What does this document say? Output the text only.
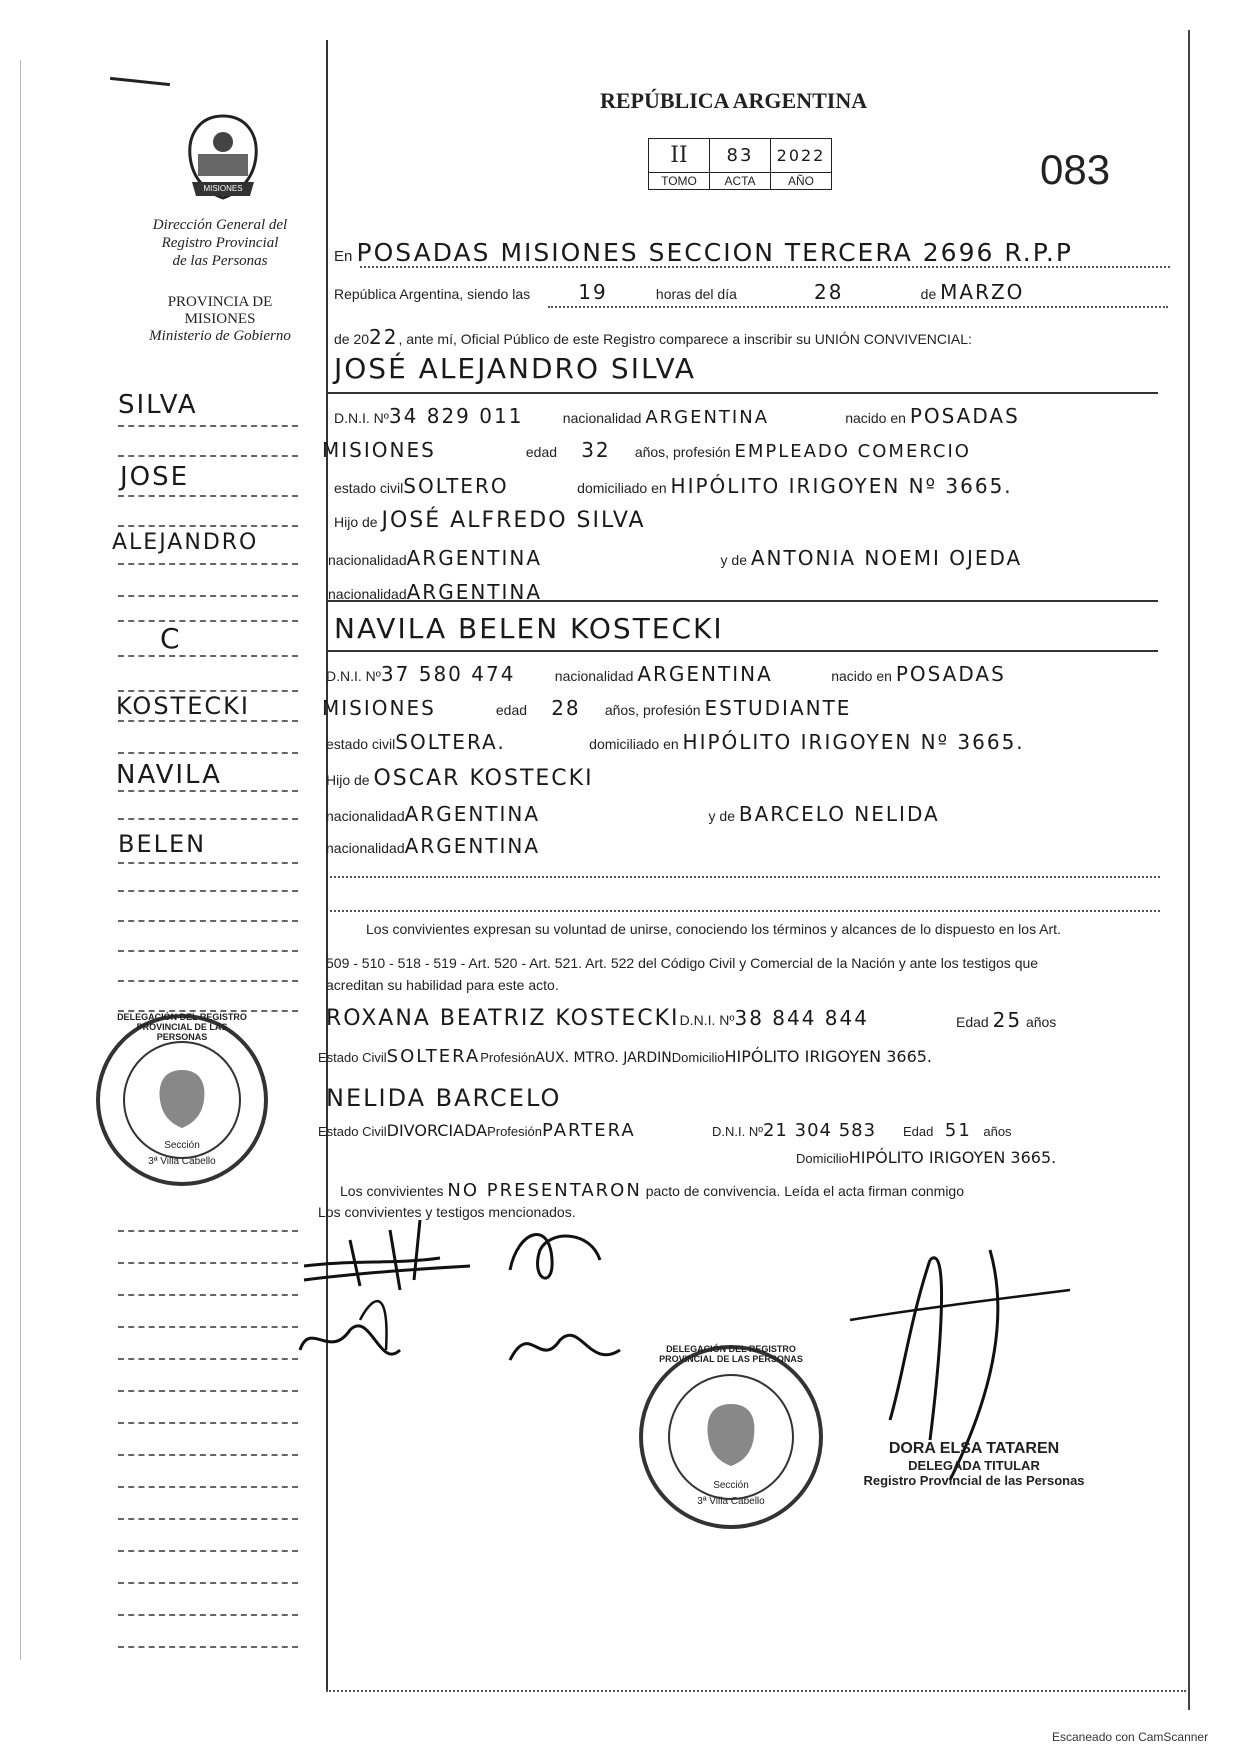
REPÚBLICA ARGENTINA
II	83	2022
TOMO	ACTA	AÑO	083
MISIONES
Dirección General del
Registro Provincial
de las Personas
PROVINCIA DE
MISIONES
Ministerio de Gobierno
SILVA
JOSE
ALEJANDRO
C
KOSTECKI
NAVILA
BELEN
En POSADAS MISIONES SECCION TERCERA 2696 R.P.P
República Argentina, siendo las 19	horas del día	28	de MARZO
de 2022, ante mí, Oficial Público de este Registro comparece a inscribir su UNIÓN CONVIVENCIAL:
JOSÉ ALEJANDRO SILVA
D.N.I. Nº34 829 011	nacionalidad ARGENTINA	nacido en POSADAS
MISIONES	edad 32 años, profesión EMPLEADO COMERCIO
estado civilSOLTERO	domiciliado en HIPÓLITO IRIGOYEN Nº 3665.
Hijo de JOSÉ ALFREDO SILVA
nacionalidadARGENTINA	y de ANTONIA NOEMI OJEDA
nacionalidadARGENTINA
NAVILA BELEN KOSTECKI
D.N.I. Nº37 580 474	nacionalidad ARGENTINA	nacido en POSADAS
MISIONES	edad 28 años, profesión ESTUDIANTE
estado civilSOLTERA.	domiciliado en HIPÓLITO IRIGOYEN Nº 3665.
Hijo de OSCAR KOSTECKI
nacionalidadARGENTINA	y de BARCELO NELIDA
nacionalidadARGENTINA
Los convivientes expresan su voluntad de unirse, conociendo los términos y alcances de lo dispuesto en los Art.
509 - 510 - 518 - 519 - Art. 520 - Art. 521. Art. 522 del Código Civil y Comercial de la Nación y ante los testigos que
acreditan su habilidad para este acto.
ROXANA BEATRIZ KOSTECKID.N.I. Nº38 844 844
Estado CivilSOLTERAProfesiónAUX. MTRO. JARDINDomicilioHIPÓLITO IRIGOYEN 3665.
Edad 25 años
NELIDA BARCELO
Estado CivilDIVORCIADAProfesiónPARTERA	D.N.I. Nº21 304 583 Edad 51 años
DomicilioHIPÓLITO IRIGOYEN 3665.
Los convivientes NO PRESENTARON pacto de convivencia. Leída el acta firman conmigo
Los convivientes y testigos mencionados.
DELEGACIÓN DEL REGISTRO PROVINCIAL DE LAS PERSONAS
Sección
3ª Villa Cabello
DELEGACIÓN DEL REGISTRO PROVINCIAL DE LAS PERSONAS
Sección
3ª Villa Cabello
DORA ELSA TATAREN
DELEGADA TITULAR
Registro Provincial de las Personas
Escaneado con CamScanner
